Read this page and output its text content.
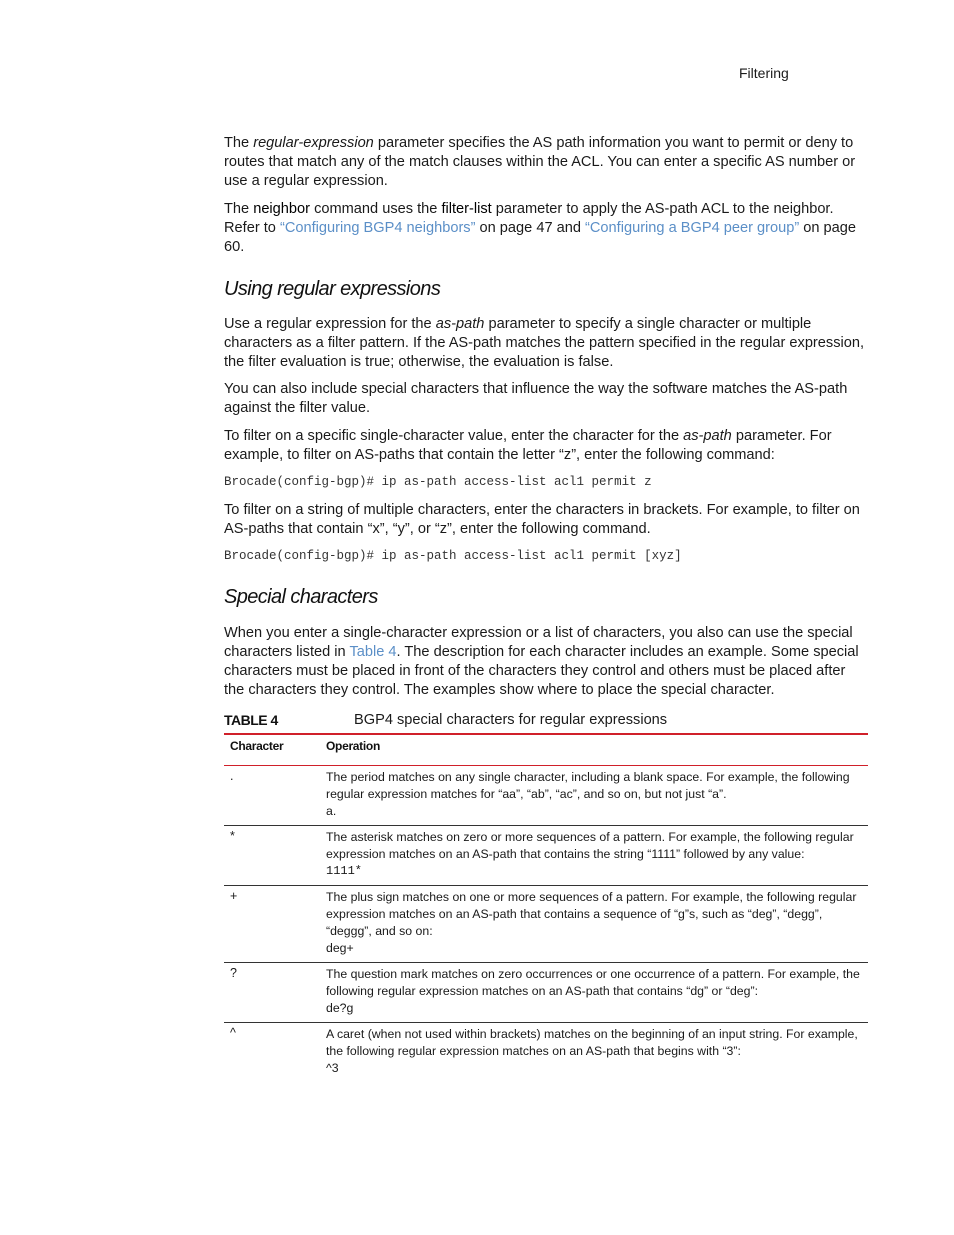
Filtering

The regular-expression parameter specifies the AS path information you want to permit or deny to routes that match any of the match clauses within the ACL. You can enter a specific AS number or use a regular expression.

The neighbor command uses the filter-list parameter to apply the AS-path ACL to the neighbor. Refer to “Configuring BGP4 neighbors” on page 47 and “Configuring a BGP4 peer group” on page 60.

Using regular expressions

Use a regular expression for the as-path parameter to specify a single character or multiple characters as a filter pattern. If the AS-path matches the pattern specified in the regular expression, the filter evaluation is true; otherwise, the evaluation is false.

You can also include special characters that influence the way the software matches the AS-path against the filter value.

To filter on a specific single-character value, enter the character for the as-path parameter. For example, to filter on AS-paths that contain the letter “z”, enter the following command:

Brocade(config-bgp)# ip as-path access-list acl1 permit z

To filter on a string of multiple characters, enter the characters in brackets. For example, to filter on AS-paths that contain “x”, “y”, or “z”, enter the following command.

Brocade(config-bgp)# ip as-path access-list acl1 permit [xyz]
Special characters

When you enter a single-character expression or a list of characters, you also can use the special characters listed in Table 4. The description for each character includes an example. Some special characters must be placed in front of the characters they control and others must be placed after the characters they control. The examples show where to place the special character.

TABLE 4	BGP4 special characters for regular expressions
Character	Operation
.	The period matches on any single character, including a blank space. For example, the following regular expression matches for “aa”, “ab”, “ac”, and so on, but not just “a”.
a.
*	The asterisk matches on zero or more sequences of a pattern. For example, the following regular expression matches on an AS-path that contains the string “1111” followed by any value:
1111*
+	The plus sign matches on one or more sequences of a pattern. For example, the following regular expression matches on an AS-path that contains a sequence of “g”s, such as “deg”, “degg”, “deggg”, and so on:
deg+
?	The question mark matches on zero occurrences or one occurrence of a pattern. For example, the following regular expression matches on an AS-path that contains “dg” or “deg”:
de?g
^	A caret (when not used within brackets) matches on the beginning of an input string. For example, the following regular expression matches on an AS-path that begins with “3”:
^3
